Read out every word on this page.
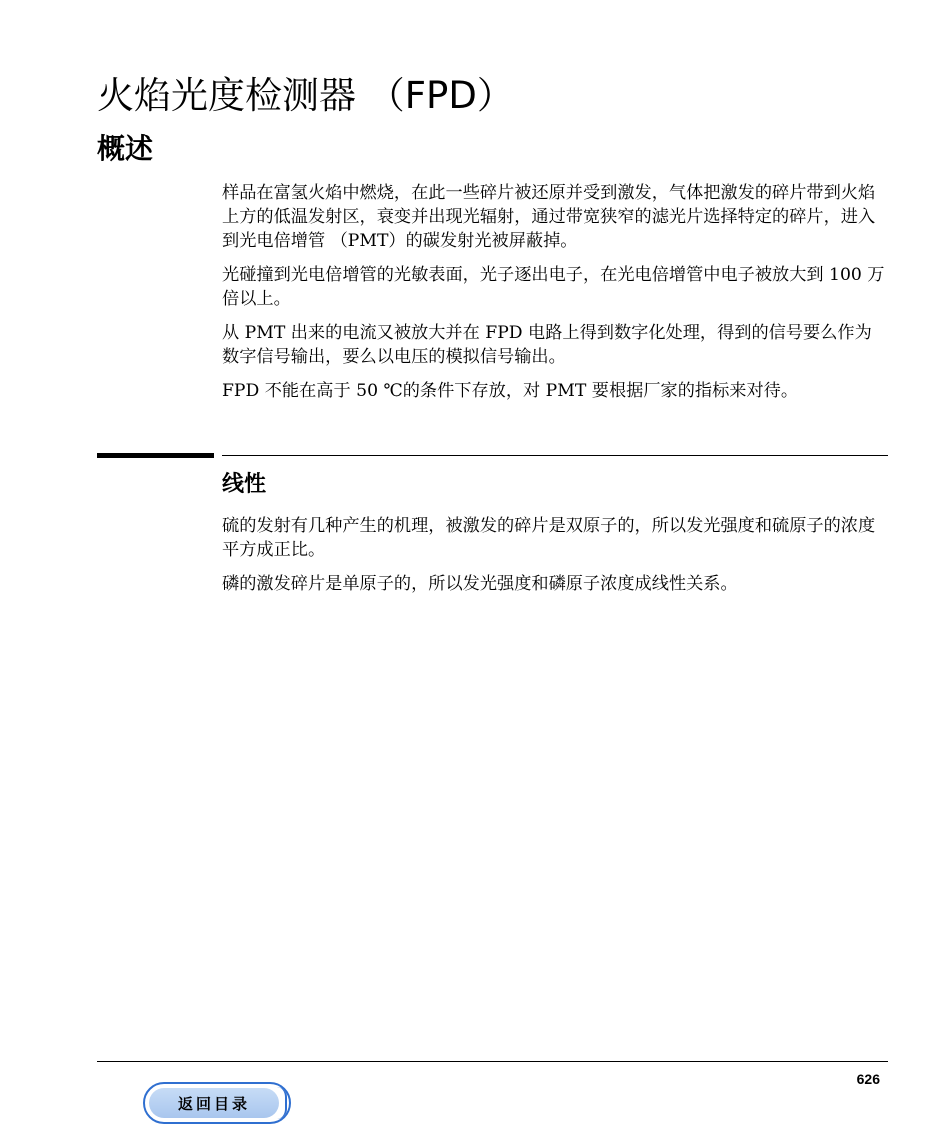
火焰光度检测器 （FPD）
概述

样品在富氢火焰中燃烧，在此一些碎片被还原并受到激发，气体把激发的碎片带到火焰上方的低温发射区，衰变并出现光辐射，通过带宽狭窄的滤光片选择特定的碎片，进入到光电倍增管 （PMT）的碳发射光被屏蔽掉。

光碰撞到光电倍增管的光敏表面，光子逐出电子，在光电倍增管中电子被放大到 100 万倍以上。

从 PMT 出来的电流又被放大并在 FPD 电路上得到数字化处理，得到的信号要么作为数字信号输出，要么以电压的模拟信号输出。

FPD 不能在高于 50 ℃的条件下存放，对 PMT 要根据厂家的指标来对待。

线性

硫的发射有几种产生的机理，被激发的碎片是双原子的，所以发光强度和硫原子的浓度平方成正比。

磷的激发碎片是单原子的，所以发光强度和磷原子浓度成线性关系。

626
返回目录
